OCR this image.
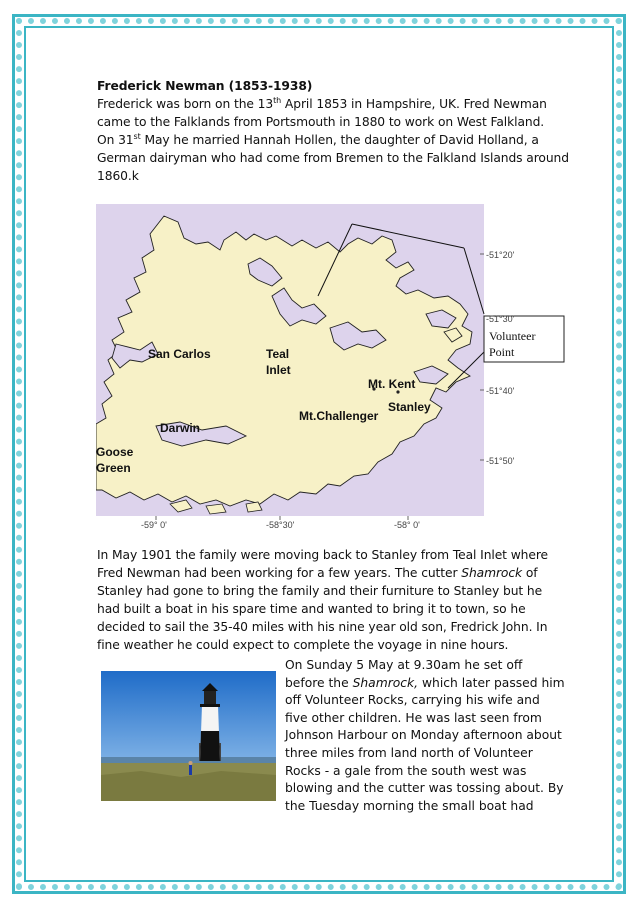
Frederick Newman (1853-1938)
Frederick was born on the 13th April 1853 in Hampshire, UK. Fred Newman
came to the Falklands from Portsmouth in 1880 to work on West Falkland.
On 31st May he married Hannah Hollen, the daughter of David Holland, a
German dairyman who had come from Bremen to the Falkland Islands around
1860.k
Volunteer
Point
San Carlos	Teal
Inlet
Mt. Kent
Stanley
Mt.Challenger
Darwin
Goose
Green
-51°20'
-51°30'
-51°40'
-51°50'
-59° 0'	-58°30'	-58° 0'
In May 1901 the family were moving back to Stanley from Teal Inlet where
Fred Newman had been working for a few years. The cutter Shamrock of
Stanley had gone to bring the family and their furniture to Stanley but he
had built a boat in his spare time and wanted to bring it to town, so he
decided to sail the 35-40 miles with his nine year old son, Fredrick John. In
fine weather he could expect to complete the voyage in nine hours.
On Sunday 5 May at 9.30am he set off
before the Shamrock, which later passed him
off Volunteer Rocks, carrying his wife and
five other children. He was last seen from
Johnson Harbour on Monday afternoon about
three miles from land north of Volunteer
Rocks - a gale from the south west was
blowing and the cutter was tossing about. By
the Tuesday morning the small boat had
